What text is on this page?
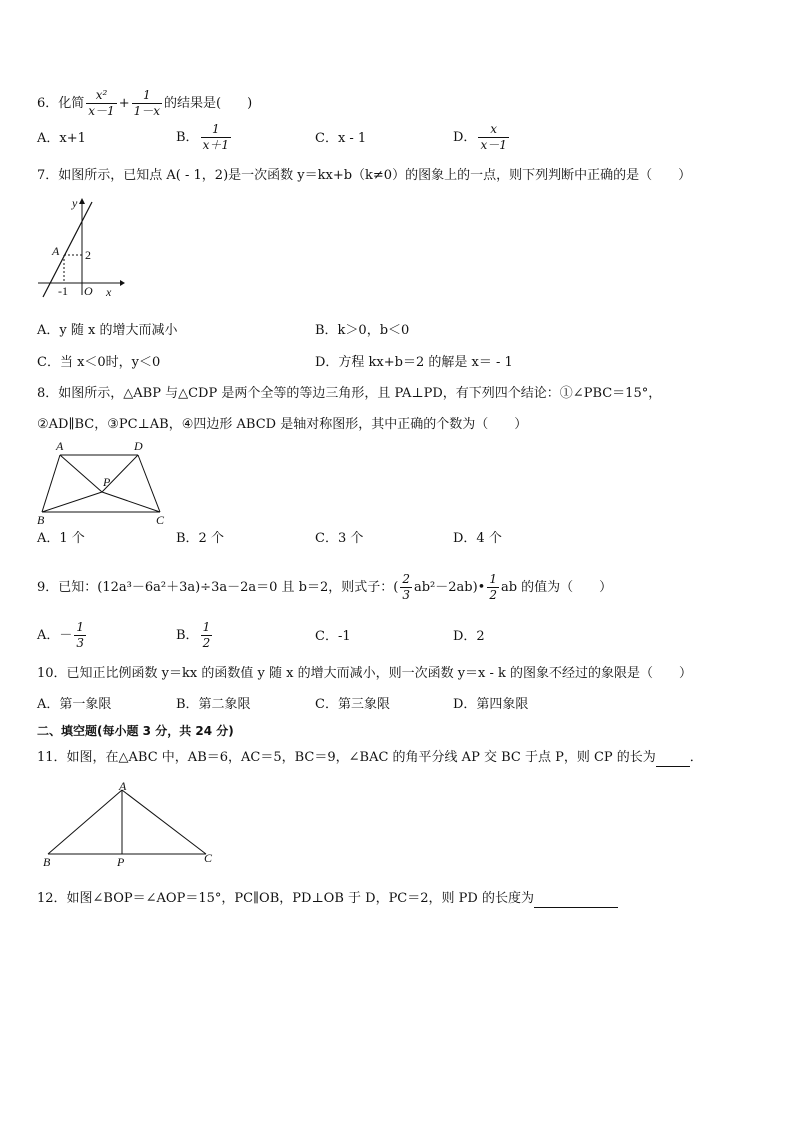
6．化简 $\frac{\text{x²}}{x-1} + \frac{1}{1-x}$ 的结果是(　　)
A．x+1	B． $\frac{1}{x+1}$	C．x - 1	D． $\frac{x}{x-1}$
7．如图所示，已知点 A( - 1，2)是一次函数 y＝kx+b（k≠0）的图象上的一点，则下列判断中正确的是（　　）
y
x
A 2
-1 O
A．y 随 x 的增大而减小	B．k＞0，b＜0
C．当 x＜0时，y＜0	D．方程 kx+b＝2 的解是 x＝ - 1
8．如图所示，△ABP 与△CDP 是两个全等的等边三角形，且 PA⊥PD，有下列四个结论：①∠PBC＝15°，
②AD∥BC，③PC⊥AB，④四边形 ABCD 是轴对称图形，其中正确的个数为（　　）
A	D
P
B	C
A．1 个	B．2 个	C．3 个	D．4 个
9．已知：(12a³－6a²＋3a)÷3a－2a＝0 且 b＝2，则式子：( $\frac{2}{3}$ ab²－2ab)• $\frac{1}{2}$ ab 的值为（　　）
A．－ $\frac{1}{3}$	B． $\frac{1}{2}$	C．-1	D．2
10．已知正比例函数 y＝kx 的函数值 y 随 x 的增大而减小，则一次函数 y＝x - k 的图象不经过的象限是（　　）
A．第一象限	B．第二象限	C．第三象限	D．第四象限
二、填空题(每小题 3 分，共 24 分)
11．如图，在△ABC 中，AB＝6，AC＝5，BC＝9，∠BAC 的角平分线 AP 交 BC 于点 P，则 CP 的长为	．
A
B	P	C
12．如图∠BOP＝∠AOP＝15°，PC∥OB，PD⊥OB 于 D，PC＝2，则 PD 的长度为
